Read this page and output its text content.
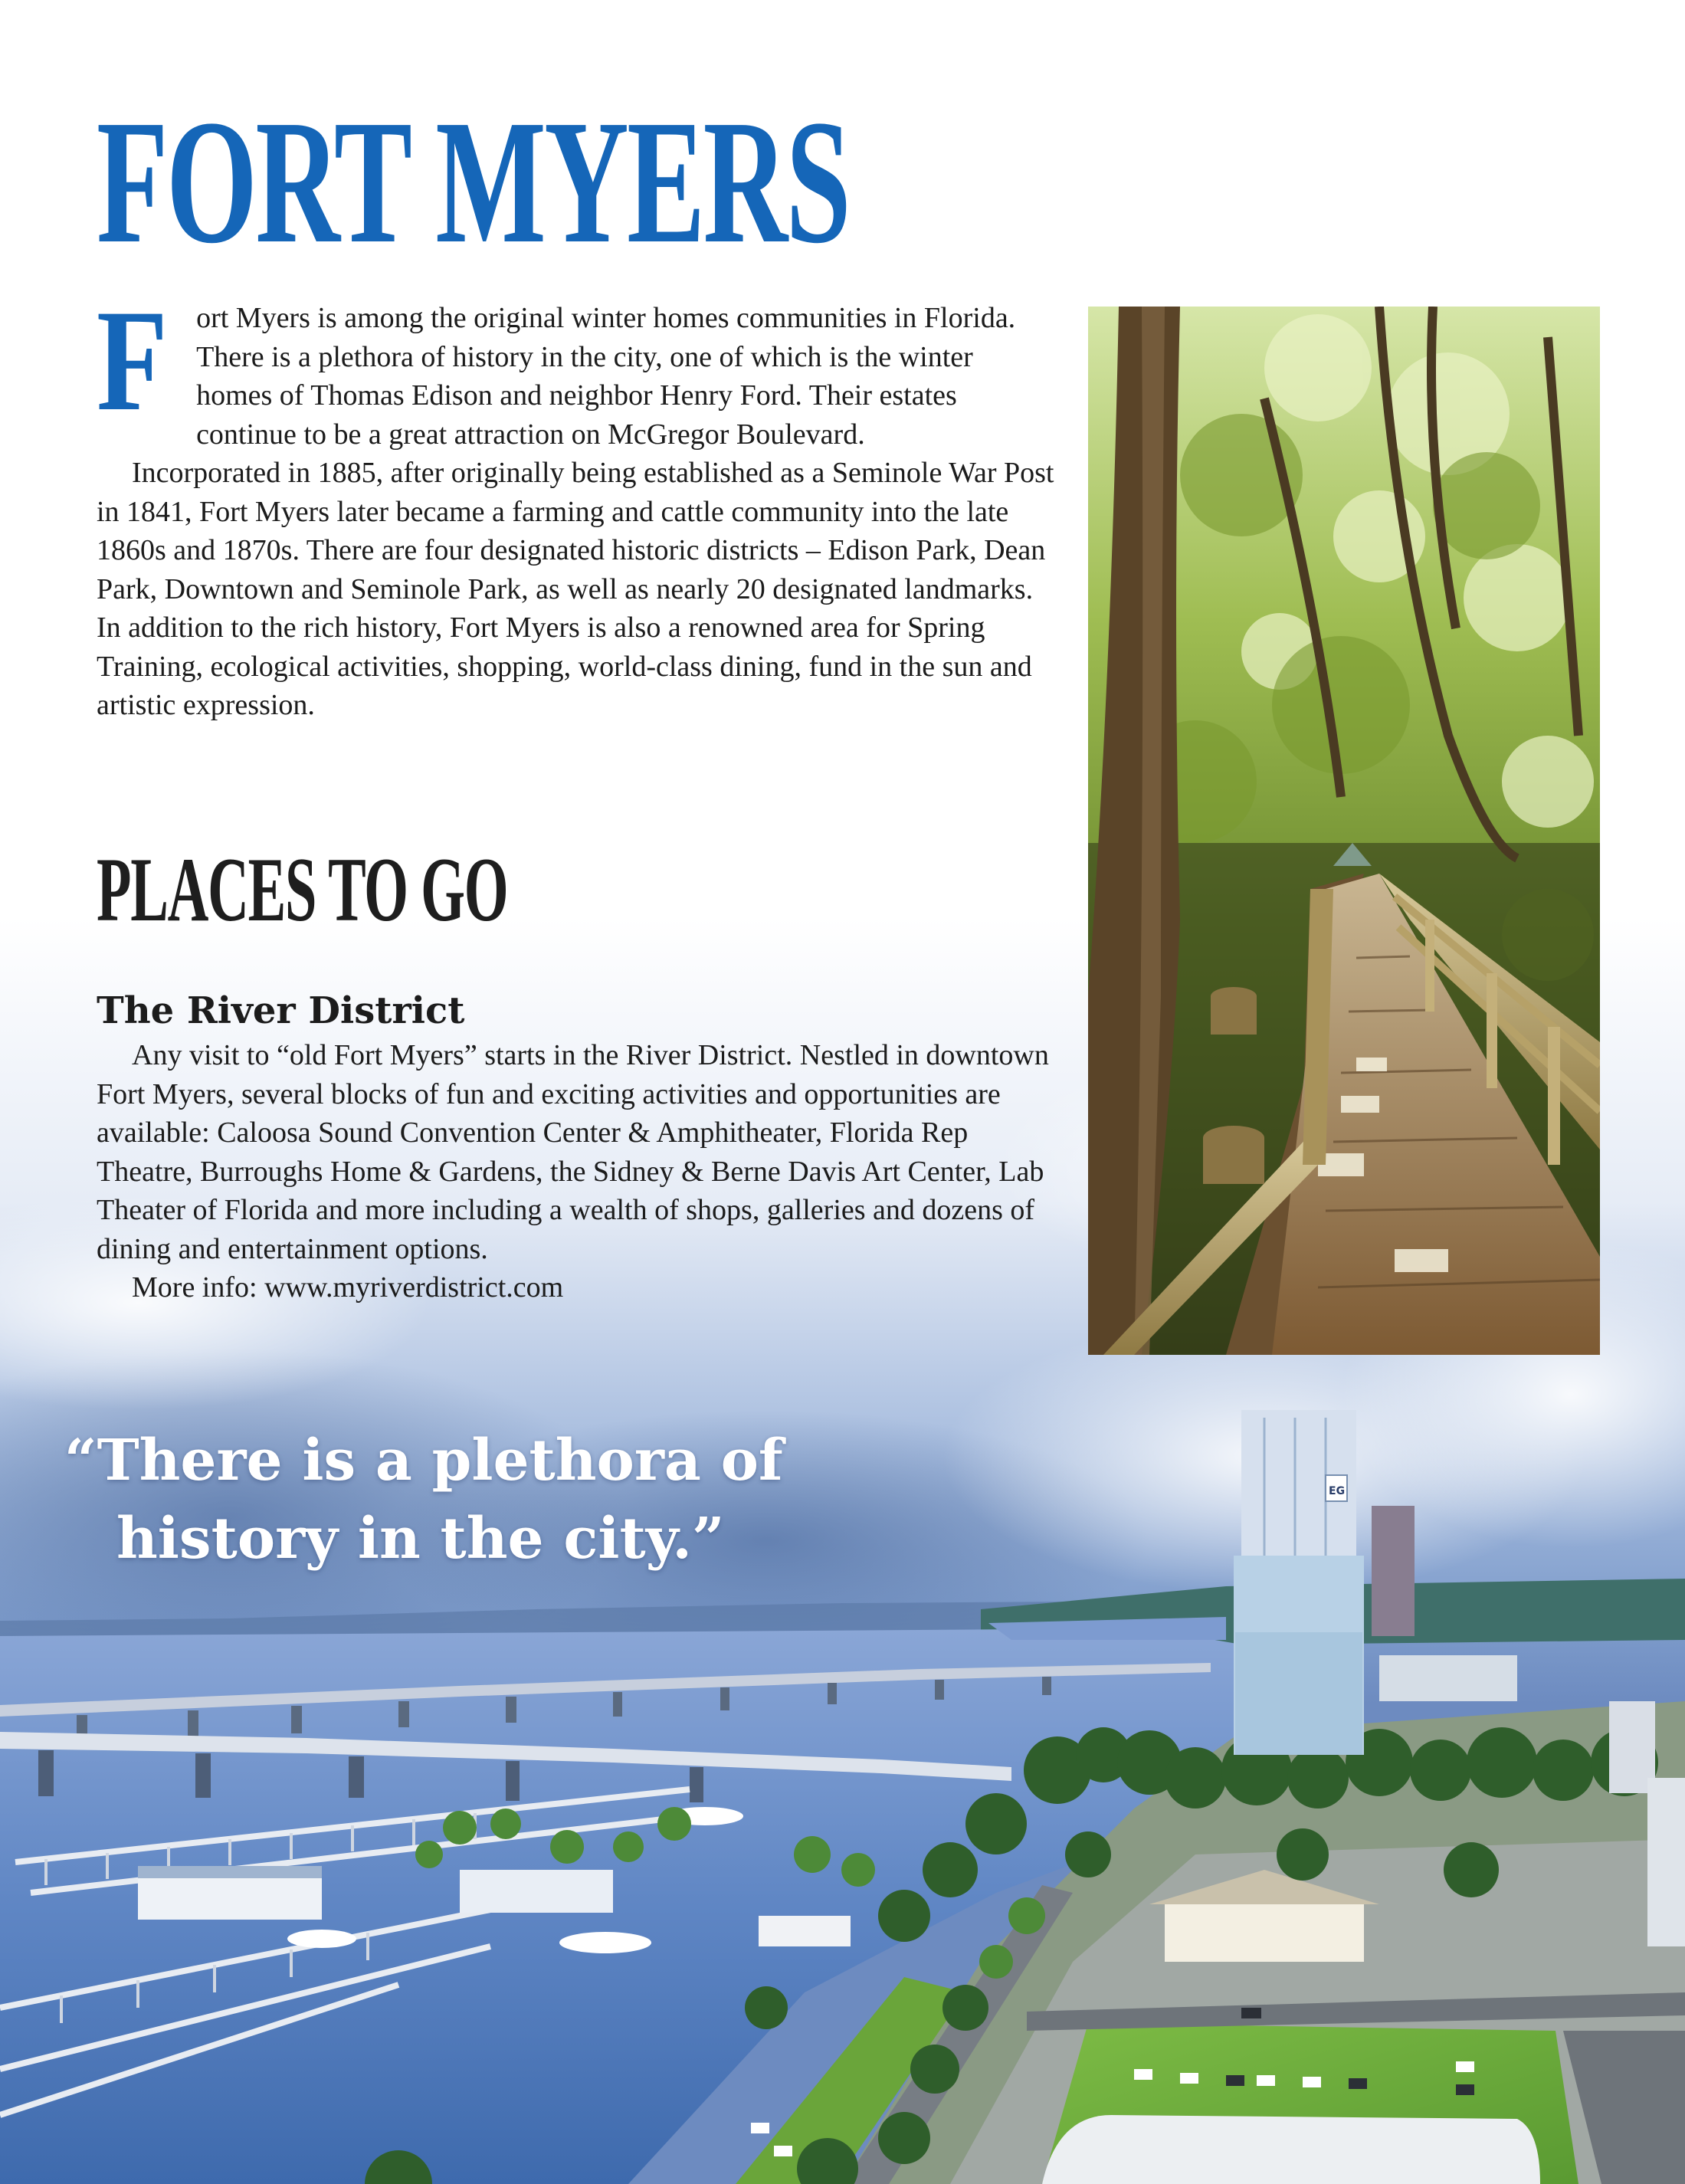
EG
FORT MYERS
F ort Myers is among the original winter homes communities in Florida.

There is a plethora of history in the city, one of which is the winter homes of Thomas Edison and neighbor Henry Ford. Their estates continue to be a great attraction on McGregor Boulevard.

Incorporated in 1885, after originally being established as a Seminole War Post in 1841, Fort Myers later became a farming and cattle community into the late 1860s and 1870s. There are four designated historic districts – Edison Park, Dean Park, Downtown and Seminole Park, as well as nearly 20 designated landmarks. In addition to the rich history, Fort Myers is also a renowned area for Spring Training, ecological activities, shopping, world-class dining, fund in the sun and artistic expression.

PLACES TO GO
The River District

Any visit to “old Fort Myers” starts in the River District. Nestled in downtown Fort Myers, several blocks of fun and exciting activities and opportunities are available: Caloosa Sound Convention Center & Amphitheater, Florida Rep Theatre, Burroughs Home & Gardens, the Sidney & Berne Davis Art Center, Lab Theater of Florida and more including a wealth of shops, galleries and dozens of dining and entertainment options.

More info: www.myriverdistrict.com

“There is a plethora of
history in the city.”
